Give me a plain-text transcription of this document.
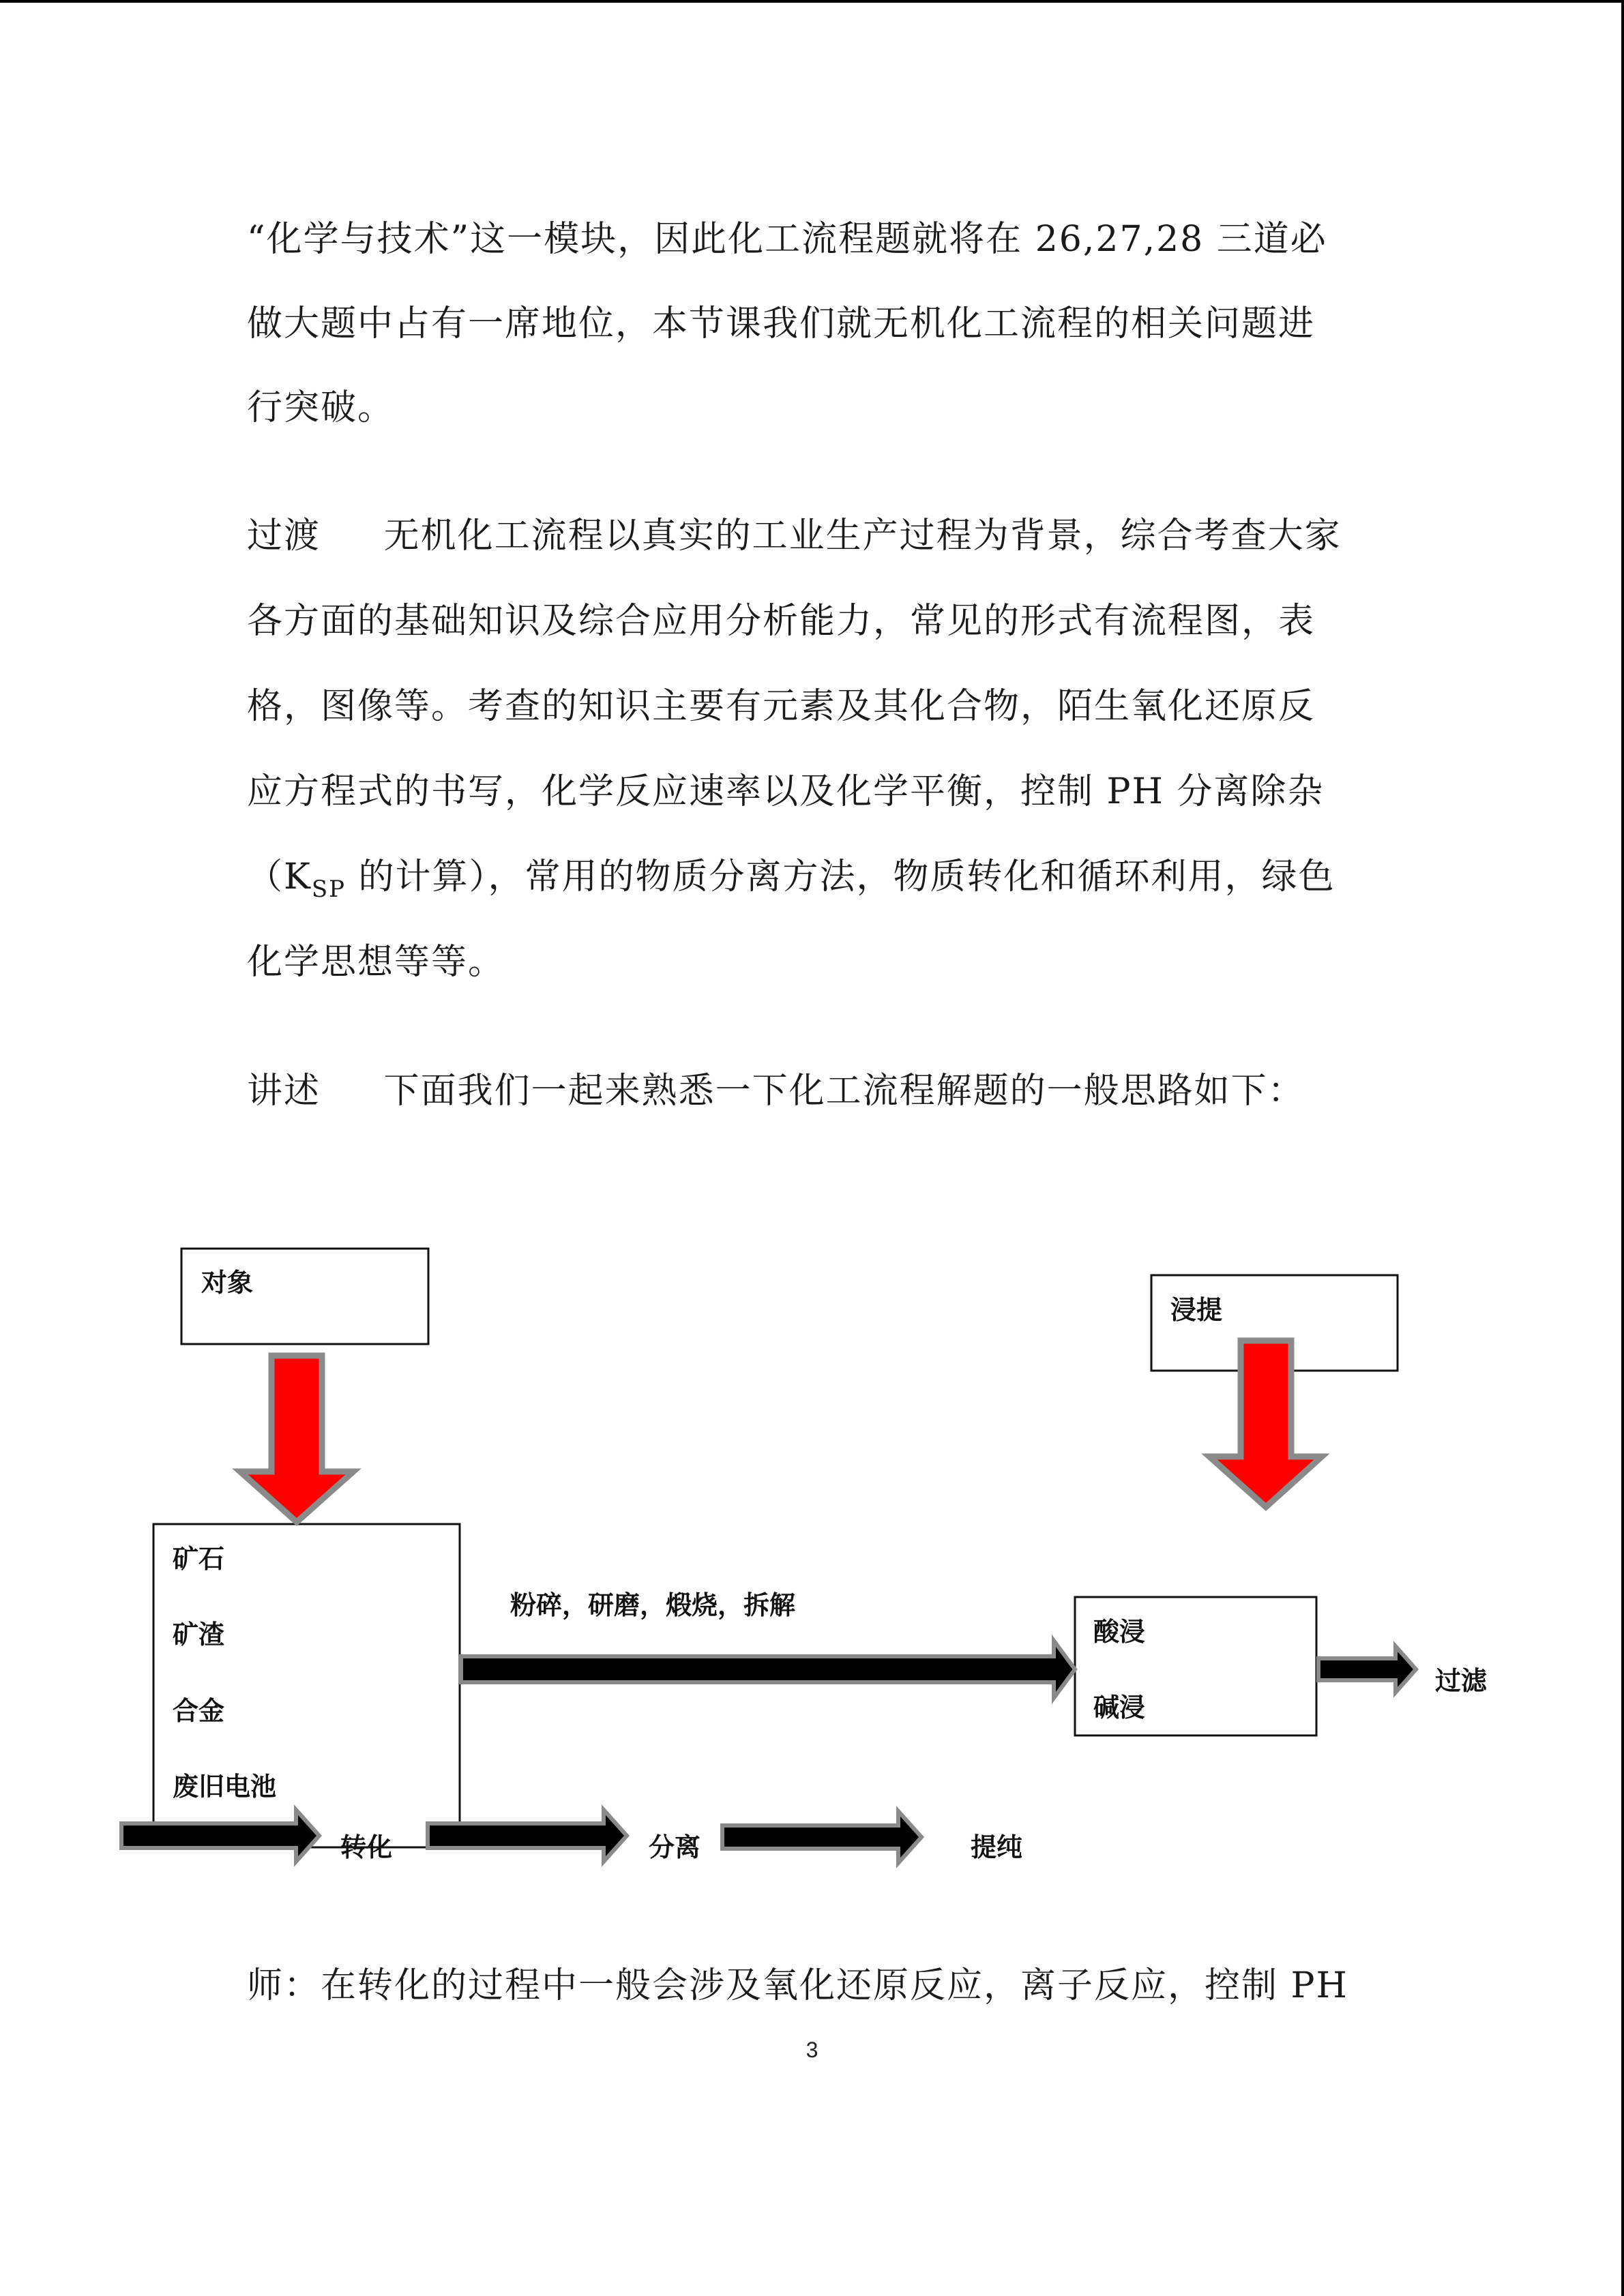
“化学与技术”这一模块，因此化工流程题就将在 26,27,28 三道必
做大题中占有一席地位，本节课我们就无机化工流程的相关问题进
行突破。
过渡     无机化工流程以真实的工业生产过程为背景，综合考查大家
各方面的基础知识及综合应用分析能力，常见的形式有流程图，表
格，图像等。考查的知识主要有元素及其化合物，陌生氧化还原反
应方程式的书写，化学反应速率以及化学平衡，控制 PH 分离除杂
（$K_{SP}$ 的计算），常用的物质分离方法，物质转化和循环利用，绿色
化学思想等等。
讲述     下面我们一起来熟悉一下化工流程解题的一般思路如下：
对象
浸提
矿石
矿渣
合金
废旧电池
粉碎，研磨，煅烧，拆解
酸浸
碱浸
过滤
转化	分离	提纯
师：在转化的过程中一般会涉及氧化还原反应，离子反应，控制 PH
3
